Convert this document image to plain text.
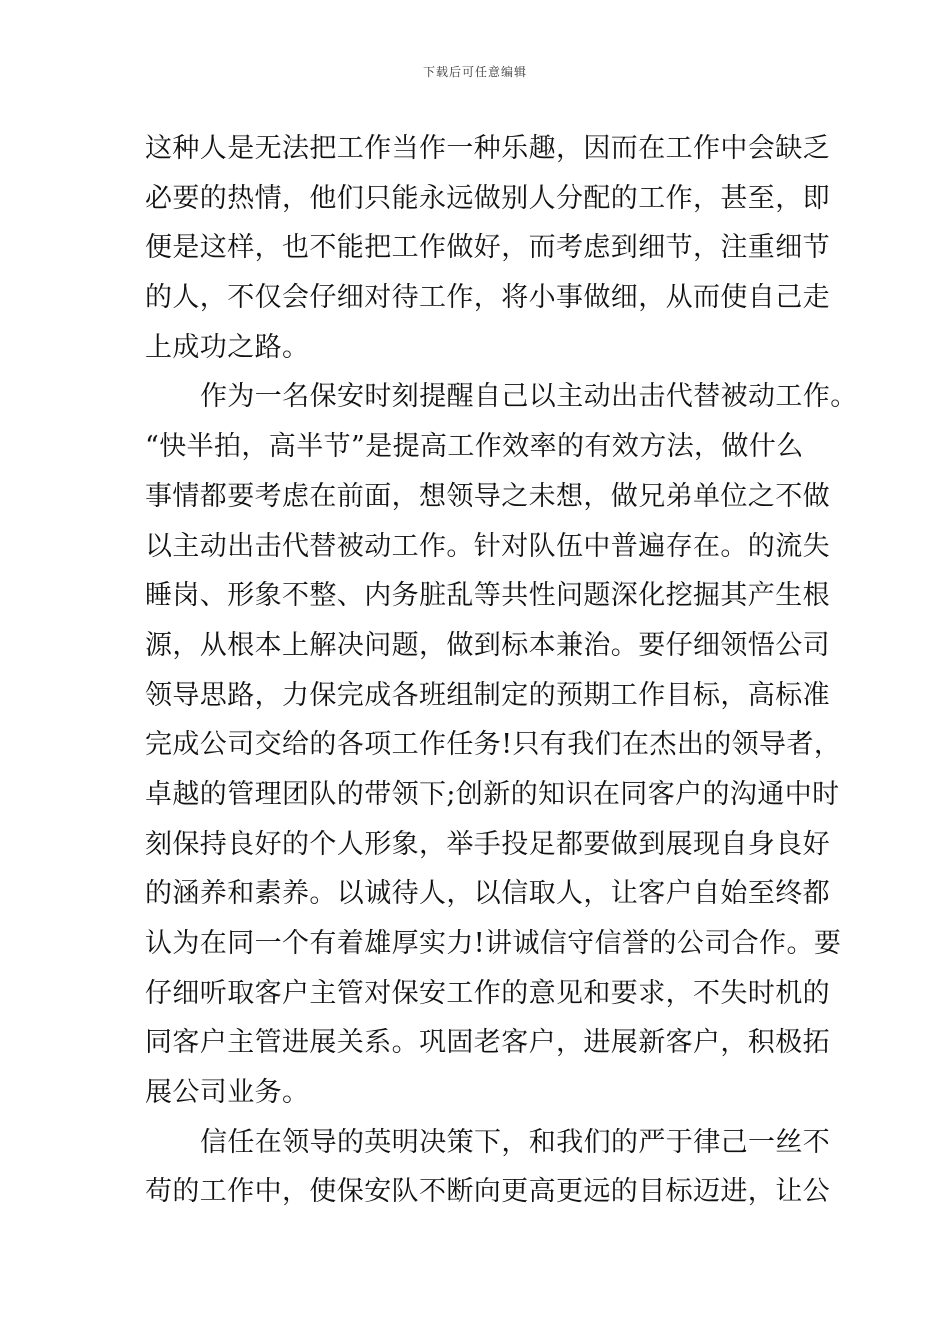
下载后可任意编辑
这种人是无法把工作当作一种乐趣，因而在工作中会缺乏
必要的热情，他们只能永远做别人分配的工作，甚至，即
便是这样，也不能把工作做好，而考虑到细节，注重细节
的人，不仅会仔细对待工作，将小事做细，从而使自己走
上成功之路。
作为一名保安时刻提醒自己以主动出击代替被动工作。
“快半拍，高半节”是提高工作效率的有效方法，做什么
事情都要考虑在前面，想领导之未想，做兄弟单位之不做
以主动出击代替被动工作。针对队伍中普遍存在。的流失
睡岗、形象不整、内务脏乱等共性问题深化挖掘其产生根
源，从根本上解决问题，做到标本兼治。要仔细领悟公司
领导思路，力保完成各班组制定的预期工作目标，高标准
完成公司交给的各项工作任务!只有我们在杰出的领导者，
卓越的管理团队的带领下;创新的知识在同客户的沟通中时
刻保持良好的个人形象，举手投足都要做到展现自身良好
的涵养和素养。以诚待人，以信取人，让客户自始至终都
认为在同一个有着雄厚实力!讲诚信守信誉的公司合作。要
仔细听取客户主管对保安工作的意见和要求，不失时机的
同客户主管进展关系。巩固老客户，进展新客户，积极拓
展公司业务。
信任在领导的英明决策下，和我们的严于律己一丝不
苟的工作中，使保安队不断向更高更远的目标迈进，让公
